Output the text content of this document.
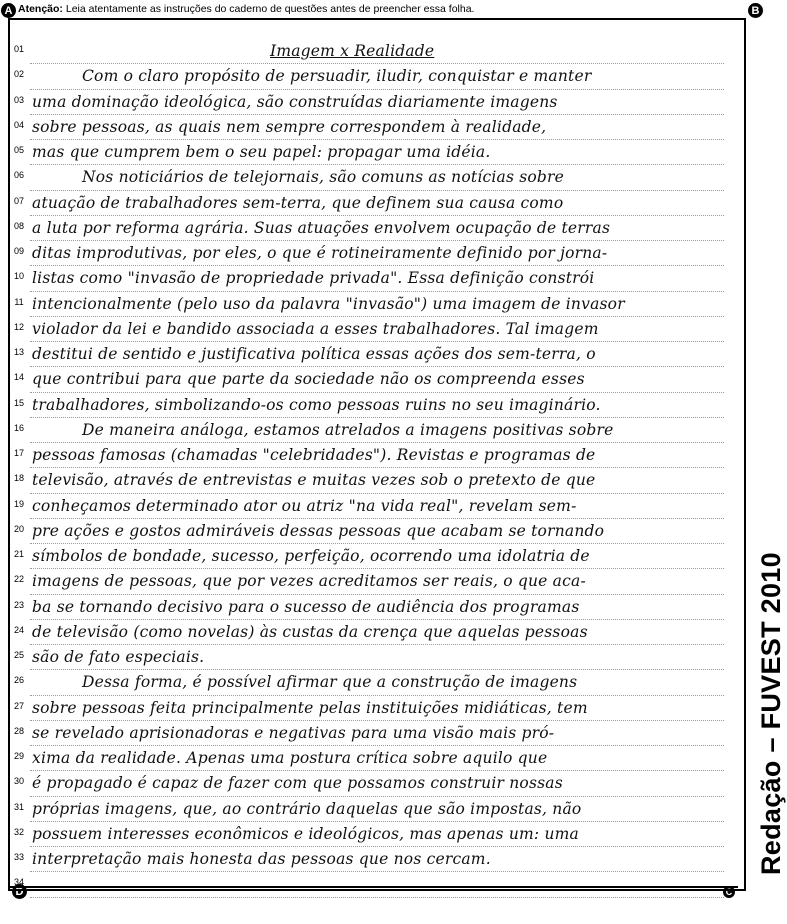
A	B
C
D
Atenção: Leia atentamente as instruções do caderno de questões antes de preencher essa folha.
01
02
03
04
05
06
07
08
09
10
11
12
13
14
15
16
17
18
19
20
21
22
23
24
25
26
27
28
29
30
31
32
33
34
Imagem x Realidade
Com o claro propósito de persuadir, iludir, conquistar e manter
uma dominação ideológica, são construídas diariamente imagens
sobre pessoas, as quais nem sempre correspondem à realidade,
mas que cumprem bem o seu papel: propagar uma idéia.
Nos noticiários de telejornais, são comuns as notícias sobre
atuação de trabalhadores sem-terra, que definem sua causa como
a luta por reforma agrária. Suas atuações envolvem ocupação de terras
ditas improdutivas, por eles, o que é rotineiramente definido por jorna-
listas como "invasão de propriedade privada". Essa definição constrói
intencionalmente (pelo uso da palavra "invasão") uma imagem de invasor
violador da lei e bandido associada a esses trabalhadores. Tal imagem
destitui de sentido e justificativa política essas ações dos sem-terra, o
que contribui para que parte da sociedade não os compreenda esses
trabalhadores, simbolizando-os como pessoas ruins no seu imaginário.
De maneira análoga, estamos atrelados a imagens positivas sobre
pessoas famosas (chamadas "celebridades"). Revistas e programas de
televisão, através de entrevistas e muitas vezes sob o pretexto de que
conheçamos determinado ator ou atriz "na vida real", revelam sem-
pre ações e gostos admiráveis dessas pessoas que acabam se tornando
símbolos de bondade, sucesso, perfeição, ocorrendo uma idolatria de
imagens de pessoas, que por vezes acreditamos ser reais, o que aca-
ba se tornando decisivo para o sucesso de audiência dos programas
de televisão (como novelas) às custas da crença que aquelas pessoas
são de fato especiais.
Dessa forma, é possível afirmar que a construção de imagens
sobre pessoas feita principalmente pelas instituições midiáticas, tem
se revelado aprisionadoras e negativas para uma visão mais pró-
xima da realidade. Apenas uma postura crítica sobre aquilo que
é propagado é capaz de fazer com que possamos construir nossas
próprias imagens, que, ao contrário daquelas que são impostas, não
possuem interesses econômicos e ideológicos, mas apenas um: uma
interpretação mais honesta das pessoas que nos cercam.	Redação – FUVEST 2010
